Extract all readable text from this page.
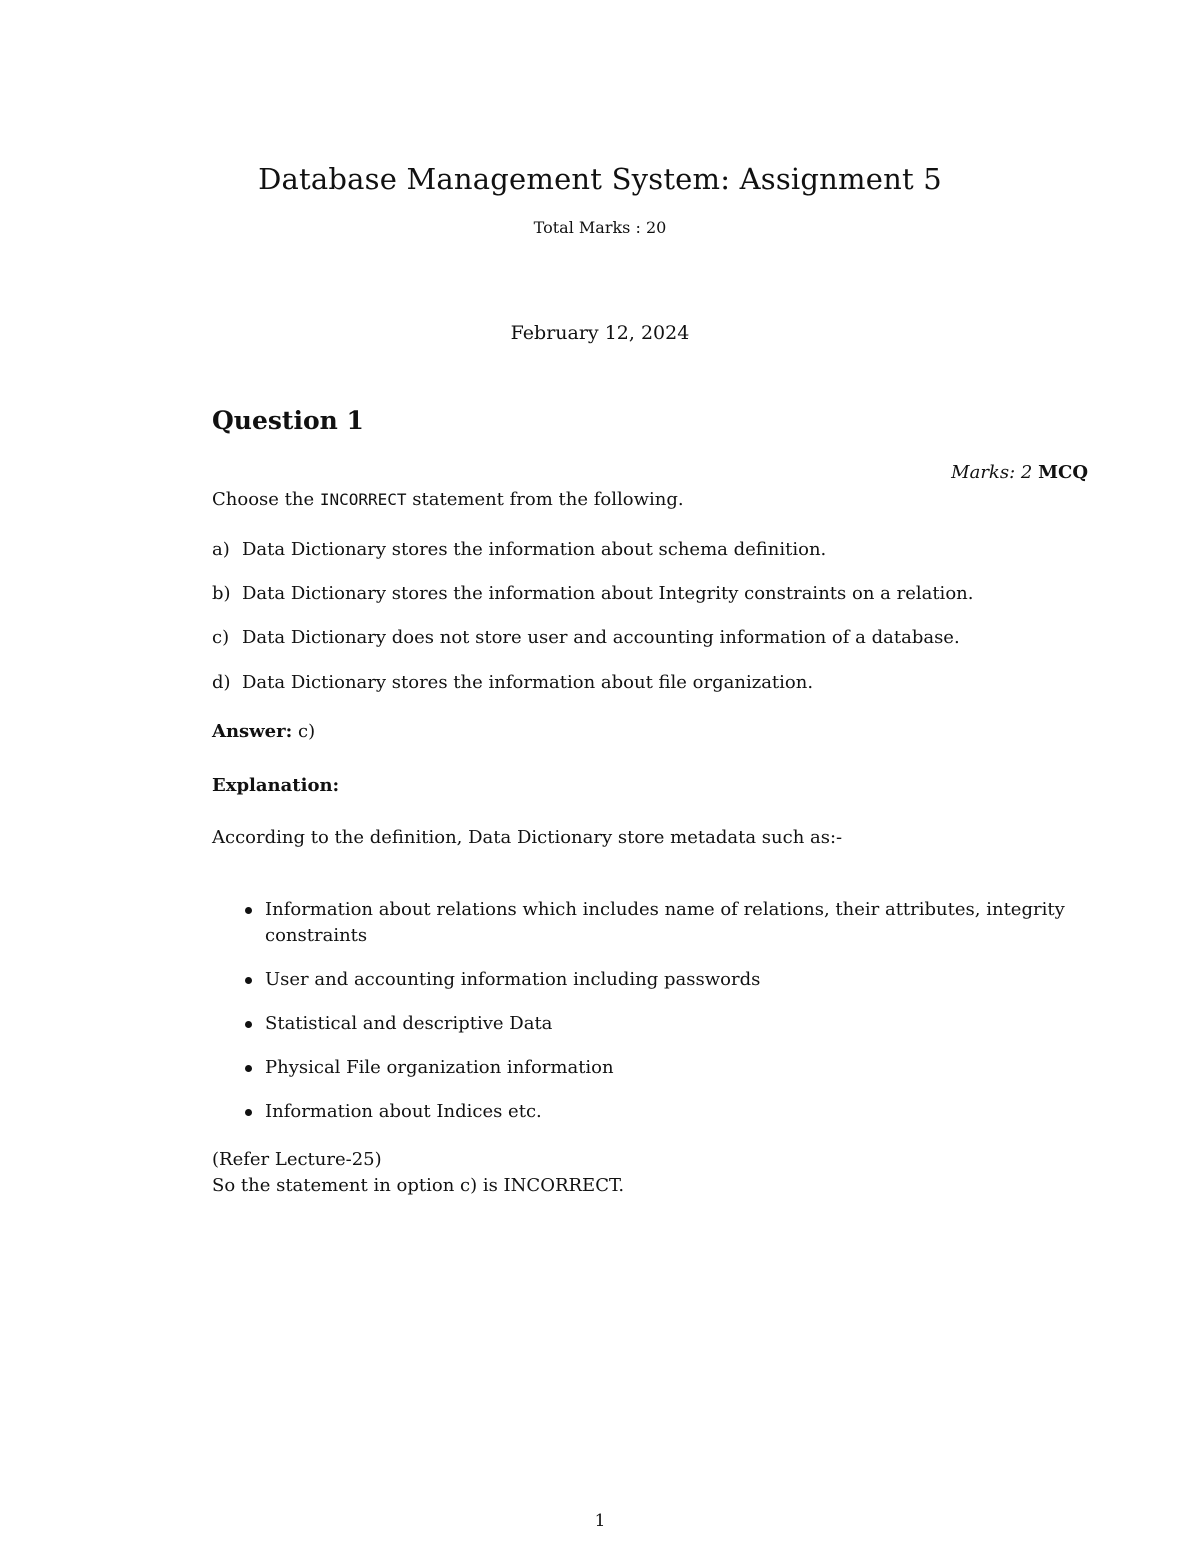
Database Management System: Assignment 5
Total Marks : 20
February 12, 2024
Question 1
Marks: 2 MCQ
Choose the INCORRECT statement from the following.
a) Data Dictionary stores the information about schema definition.
b) Data Dictionary stores the information about Integrity constraints on a relation.
c) Data Dictionary does not store user and accounting information of a database.
d) Data Dictionary stores the information about file organization.
Answer: c)
Explanation:
According to the definition, Data Dictionary store metadata such as:-
Information about relations which includes name of relations, their attributes, integrity constraints
User and accounting information including passwords
Statistical and descriptive Data
Physical File organization information
Information about Indices etc.
(Refer Lecture-25)
So the statement in option c) is INCORRECT.
1
